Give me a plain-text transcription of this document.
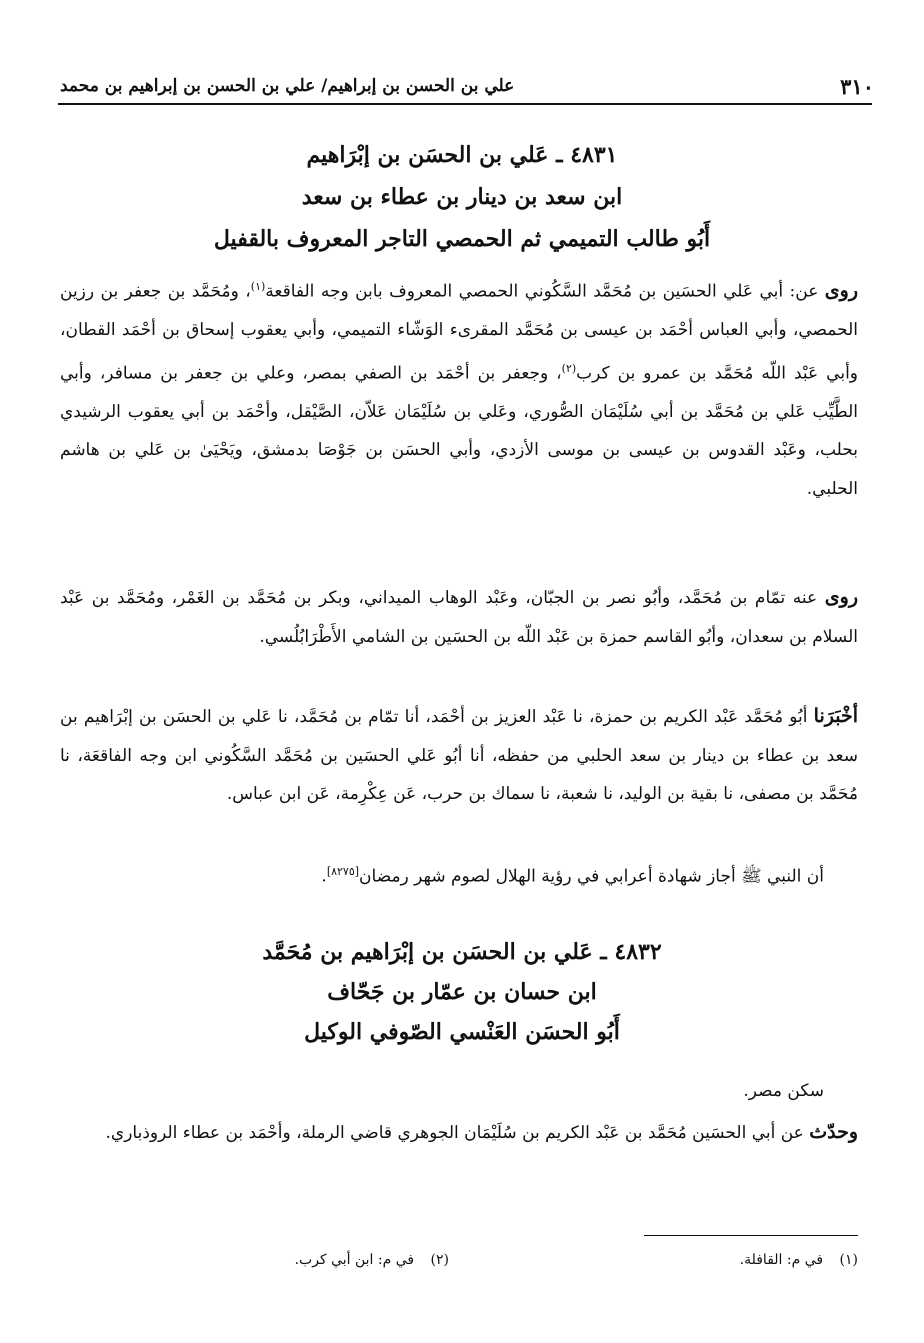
٣١٠
علي بن الحسن بن إبراهيم/ علي بن الحسن بن إبراهيم بن محمد
٤٨٣١ ـ عَلي بن الحسَن بن إبْرَاهيم
ابن سعد بن دينار بن عطاء بن سعد
أَبُو طالب التميمي ثم الحمصي التاجر المعروف بالقفيل

روى عن: أبي عَلي الحسَين بن مُحَمَّد السَّكُوني الحمصي المعروف بابن وجه الفاقعة$^{(١)}$، ومُحَمَّد بن جعفر بن رزين الحمصي، وأبي العباس أحْمَد بن عيسى بن مُحَمَّد المقرىء الوَشّاء التميمي، وأبي يعقوب إسحاق بن أحْمَد القطان، وأبي عَبْد اللّه مُحَمَّد بن عمرو بن كرب$^{(٢)}$، وجعفر بن أحْمَد بن الصفي بمصر، وعلي بن جعفر بن مسافر، وأبي الطَّيِّب عَلي بن مُحَمَّد بن أبي سُلَيْمَان الصُّوري، وعَلي بن سُلَيْمَان عَلاّن، الصَّيْقل، وأحْمَد بن أبي يعقوب الرشيدي بحلب، وعَبْد القدوس بن عيسى بن موسى الأزدي، وأبي الحسَن بن جَوْصَا بدمشق، ويَحْيَىٰ بن عَلي بن هاشم الحلبي.

روى عنه تمّام بن مُحَمَّد، وأبُو نصر بن الجبّان، وعَبْد الوهاب الميداني، وبكر بن مُحَمَّد بن الغَمْر، ومُحَمَّد بن عَبْد السلام بن سعدان، وأبُو القاسم حمزة بن عَبْد اللّه بن الحسَين بن الشامي الأَطْرَابُلُسي.

أخْبَرَنا أبُو مُحَمَّد عَبْد الكريم بن حمزة، نا عَبْد العزيز بن أحْمَد، أنا تمّام بن مُحَمَّد، نا عَلي بن الحسَن بن إبْرَاهيم بن سعد بن عطاء بن دينار بن سعد الحلبي من حفظه، أنا أبُو عَلي الحسَين بن مُحَمَّد السَّكُوني ابن وجه الفاقعَة، نا مُحَمَّد بن مصفى، نا بقية بن الوليد، نا شعبة، نا سماك بن حرب، عَن عِكْرِمة، عَن ابن عباس.

أن النبي ﷺ أجاز شهادة أعرابي في رؤية الهلال لصوم شهر رمضان[٨٢٧٥].

٤٨٣٢ ـ عَلي بن الحسَن بن إبْرَاهيم بن مُحَمَّد
ابن حسان بن عمّار بن جَحّاف
أَبُو الحسَن العَنْسي الصّوفي الوكيل

سكن مصر.

وحدّث عن أبي الحسَين مُحَمَّد بن عَبْد الكريم بن سُلَيْمَان الجوهري قاضي الرملة، وأحْمَد بن عطاء الروذباري.

(١) في م: القافلة.
(٢) في م: ابن أبي كرب.
